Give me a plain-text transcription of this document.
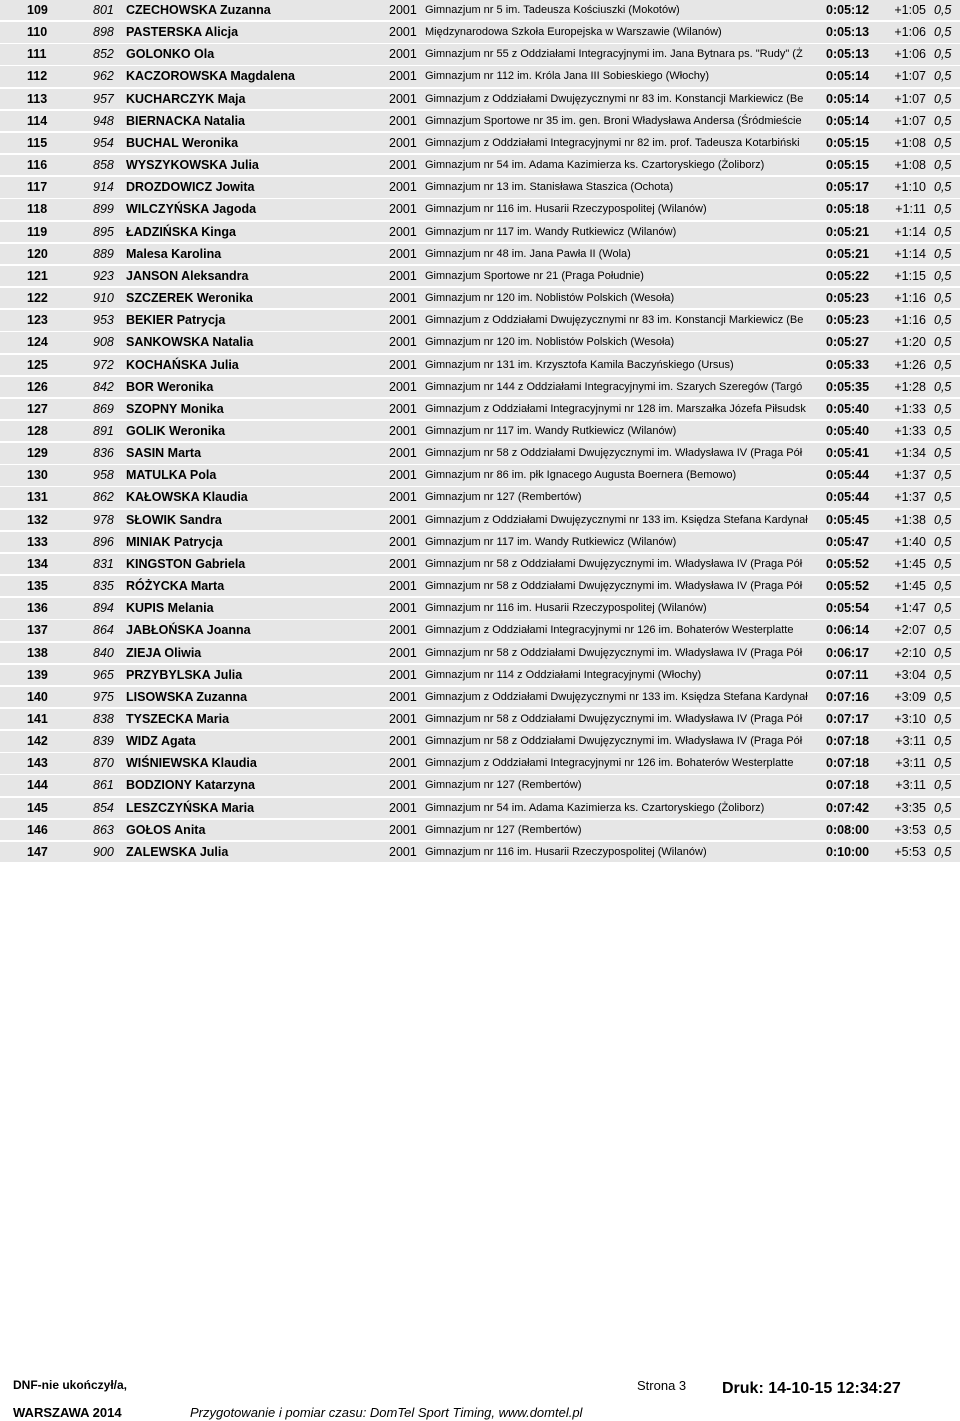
109	801 CZECHOWSKA Zuzanna	2001 Gimnazjum nr 5 im. Tadeusza Kościuszki (Mokotów)	0:05:12	+1:05 0,5
110	898 PASTERSKA Alicja	2001 Międzynarodowa Szkoła Europejska w Warszawie (Wilanów)	0:05:13	+1:06 0,5
111	852 GOLONKO Ola	2001 Gimnazjum nr 55 z Oddziałami Integracyjnymi im. Jana Bytnara ps. "Rudy" (Ż	0:05:13	+1:06 0,5
112	962 KACZOROWSKA Magdalena	2001 Gimnazjum nr 112 im. Króla Jana III Sobieskiego (Włochy)	0:05:14	+1:07 0,5
113	957 KUCHARCZYK Maja	2001 Gimnazjum z Oddziałami Dwujęzycznymi nr 83 im. Konstancji Markiewicz (Be	0:05:14	+1:07 0,5
114	948 BIERNACKA Natalia	2001 Gimnazjum Sportowe nr 35 im. gen. Broni Władysława Andersa (Śródmieście	0:05:14	+1:07 0,5
115	954 BUCHAL Weronika	2001 Gimnazjum z Oddziałami Integracyjnymi nr 82 im. prof. Tadeusza Kotarbiński	0:05:15	+1:08 0,5
116	858 WYSZYKOWSKA Julia	2001 Gimnazjum nr 54 im. Adama Kazimierza ks. Czartoryskiego (Żoliborz)	0:05:15	+1:08 0,5
117	914 DROZDOWICZ Jowita	2001 Gimnazjum nr 13 im. Stanisława Staszica (Ochota)	0:05:17	+1:10 0,5
118	899 WILCZYŃSKA Jagoda	2001 Gimnazjum nr 116 im. Husarii Rzeczypospolitej (Wilanów)	0:05:18	+1:11 0,5
119	895 ŁADZIŃSKA Kinga	2001 Gimnazjum nr 117 im. Wandy Rutkiewicz (Wilanów)	0:05:21	+1:14 0,5
120	889 Malesa Karolina	2001 Gimnazjum nr 48 im. Jana Pawła II (Wola)	0:05:21	+1:14 0,5
121	923 JANSON Aleksandra	2001 Gimnazjum Sportowe nr 21 (Praga Południe)	0:05:22	+1:15 0,5
122	910 SZCZEREK Weronika	2001 Gimnazjum nr 120 im. Noblistów Polskich (Wesoła)	0:05:23	+1:16 0,5
123	953 BEKIER Patrycja	2001 Gimnazjum z Oddziałami Dwujęzycznymi nr 83 im. Konstancji Markiewicz (Be	0:05:23	+1:16 0,5
124	908 SANKOWSKA Natalia	2001 Gimnazjum nr 120 im. Noblistów Polskich (Wesoła)	0:05:27	+1:20 0,5
125	972 KOCHAŃSKA Julia	2001 Gimnazjum nr 131 im. Krzysztofa Kamila Baczyńskiego (Ursus)	0:05:33	+1:26 0,5
126	842 BOR Weronika	2001 Gimnazjum nr 144 z Oddziałami Integracyjnymi im. Szarych Szeregów (Targó	0:05:35	+1:28 0,5
127	869 SZOPNY Monika	2001 Gimnazjum z Oddziałami Integracyjnymi nr 128 im. Marszałka Józefa Piłsudsk	0:05:40	+1:33 0,5
128	891 GOLIK Weronika	2001 Gimnazjum nr 117 im. Wandy Rutkiewicz (Wilanów)	0:05:40	+1:33 0,5
129	836 SASIN Marta	2001 Gimnazjum nr 58 z Oddziałami Dwujęzycznymi im. Władysława IV (Praga Pół	0:05:41	+1:34 0,5
130	958 MATULKA Pola	2001 Gimnazjum nr 86 im. płk Ignacego Augusta Boernera (Bemowo)	0:05:44	+1:37 0,5
131	862 KAŁOWSKA Klaudia	2001 Gimnazjum nr 127 (Rembertów)	0:05:44	+1:37 0,5
132	978 SŁOWIK Sandra	2001 Gimnazjum z Oddziałami Dwujęzycznymi nr 133 im. Księdza Stefana Kardynał	0:05:45	+1:38 0,5
133	896 MINIAK Patrycja	2001 Gimnazjum nr 117 im. Wandy Rutkiewicz (Wilanów)	0:05:47	+1:40 0,5
134	831 KINGSTON Gabriela	2001 Gimnazjum nr 58 z Oddziałami Dwujęzycznymi im. Władysława IV (Praga Pół	0:05:52	+1:45 0,5
135	835 RÓŻYCKA Marta	2001 Gimnazjum nr 58 z Oddziałami Dwujęzycznymi im. Władysława IV (Praga Pół	0:05:52	+1:45 0,5
136	894 KUPIS Melania	2001 Gimnazjum nr 116 im. Husarii Rzeczypospolitej (Wilanów)	0:05:54	+1:47 0,5
137	864 JABŁOŃSKA Joanna	2001 Gimnazjum z Oddziałami Integracyjnymi nr 126 im. Bohaterów Westerplatte	0:06:14	+2:07 0,5
138	840 ZIEJA Oliwia	2001 Gimnazjum nr 58 z Oddziałami Dwujęzycznymi im. Władysława IV (Praga Pół	0:06:17	+2:10 0,5
139	965 PRZYBYLSKA Julia	2001 Gimnazjum nr 114 z Oddziałami Integracyjnymi (Włochy)	0:07:11	+3:04 0,5
140	975 LISOWSKA Zuzanna	2001 Gimnazjum z Oddziałami Dwujęzycznymi nr 133 im. Księdza Stefana Kardynał	0:07:16	+3:09 0,5
141	838 TYSZECKA Maria	2001 Gimnazjum nr 58 z Oddziałami Dwujęzycznymi im. Władysława IV (Praga Pół	0:07:17	+3:10 0,5
142	839 WIDZ Agata	2001 Gimnazjum nr 58 z Oddziałami Dwujęzycznymi im. Władysława IV (Praga Pół	0:07:18	+3:11 0,5
143	870 WIŚNIEWSKA Klaudia	2001 Gimnazjum z Oddziałami Integracyjnymi nr 126 im. Bohaterów Westerplatte	0:07:18	+3:11 0,5
144	861 BODZIONY Katarzyna	2001 Gimnazjum nr 127 (Rembertów)	0:07:18	+3:11 0,5
145	854 LESZCZYŃSKA Maria	2001 Gimnazjum nr 54 im. Adama Kazimierza ks. Czartoryskiego (Żoliborz)	0:07:42	+3:35 0,5
146	863 GOŁOS Anita	2001 Gimnazjum nr 127 (Rembertów)	0:08:00	+3:53 0,5
147	900 ZALEWSKA Julia	2001 Gimnazjum nr 116 im. Husarii Rzeczypospolitej (Wilanów)	0:10:00	+5:53 0,5
DNF-nie ukończył/a,	Strona 3 Druk: 14-10-15 12:34:27
WARSZAWA 2014	Przygotowanie i pomiar czasu: DomTel Sport Timing, www.domtel.pl
